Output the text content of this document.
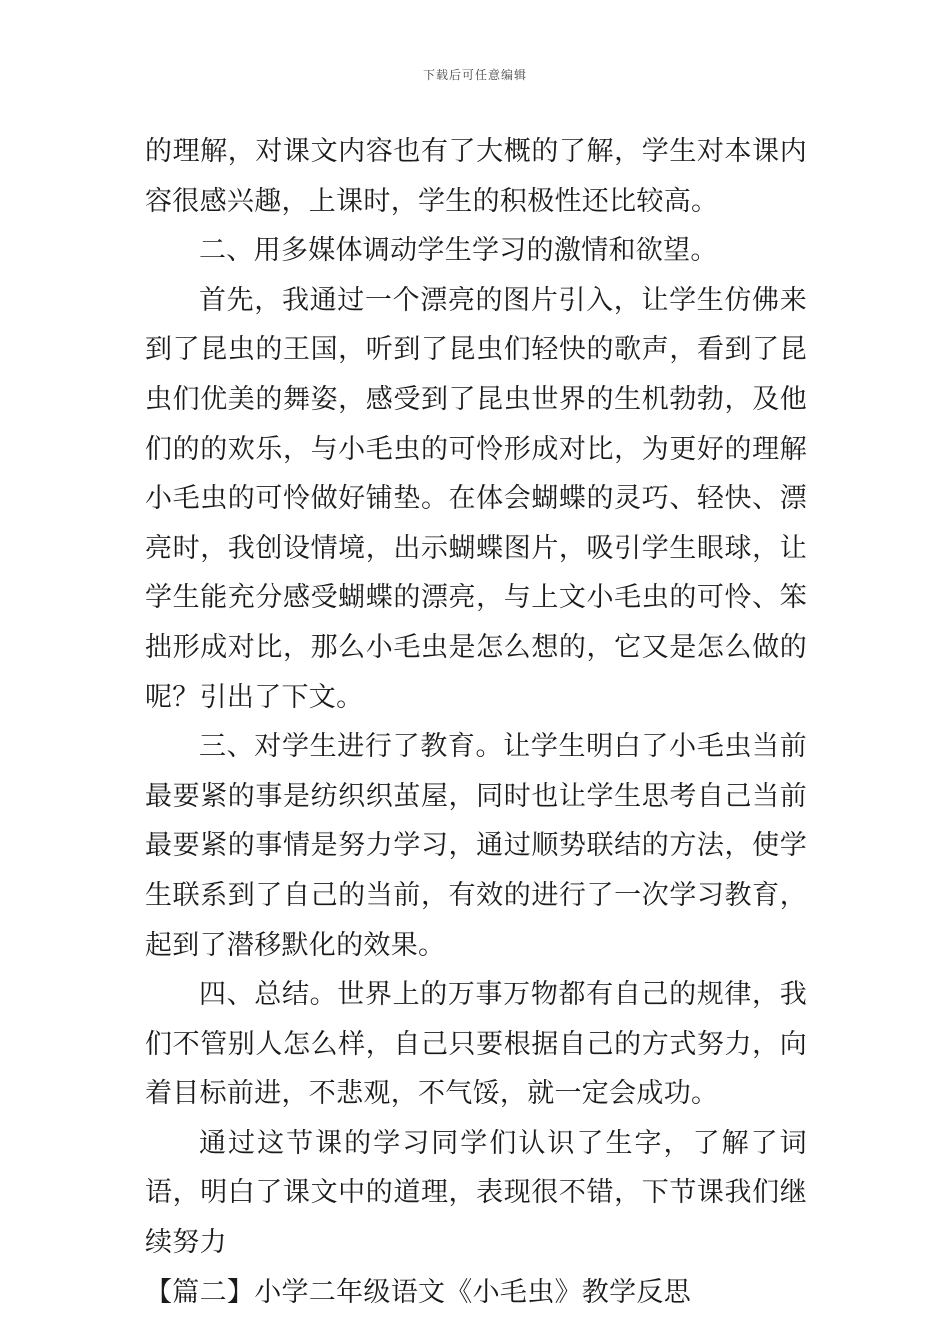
下载后可任意编辑

的理解，对课文内容也有了大概的了解，学生对本课内容很感兴趣，上课时，学生的积极性还比较高。

二、用多媒体调动学生学习的激情和欲望。

首先，我通过一个漂亮的图片引入，让学生仿佛来到了昆虫的王国，听到了昆虫们轻快的歌声，看到了昆虫们优美的舞姿，感受到了昆虫世界的生机勃勃，及他们的的欢乐，与小毛虫的可怜形成对比，为更好的理解小毛虫的可怜做好铺垫。在体会蝴蝶的灵巧、轻快、漂亮时，我创设情境，出示蝴蝶图片，吸引学生眼球，让学生能充分感受蝴蝶的漂亮，与上文小毛虫的可怜、笨拙形成对比，那么小毛虫是怎么想的，它又是怎么做的呢？引出了下文。

三、对学生进行了教育。让学生明白了小毛虫当前最要紧的事是纺织织茧屋，同时也让学生思考自己当前最要紧的事情是努力学习，通过顺势联结的方法，使学生联系到了自己的当前，有效的进行了一次学习教育，起到了潜移默化的效果。

四、总结。世界上的万事万物都有自己的规律，我们不管别人怎么样，自己只要根据自己的方式努力，向着目标前进，不悲观，不气馁，就一定会成功。

通过这节课的学习同学们认识了生字，了解了词语，明白了课文中的道理，表现很不错，下节课我们继续努力

【篇二】小学二年级语文《小毛虫》教学反思
